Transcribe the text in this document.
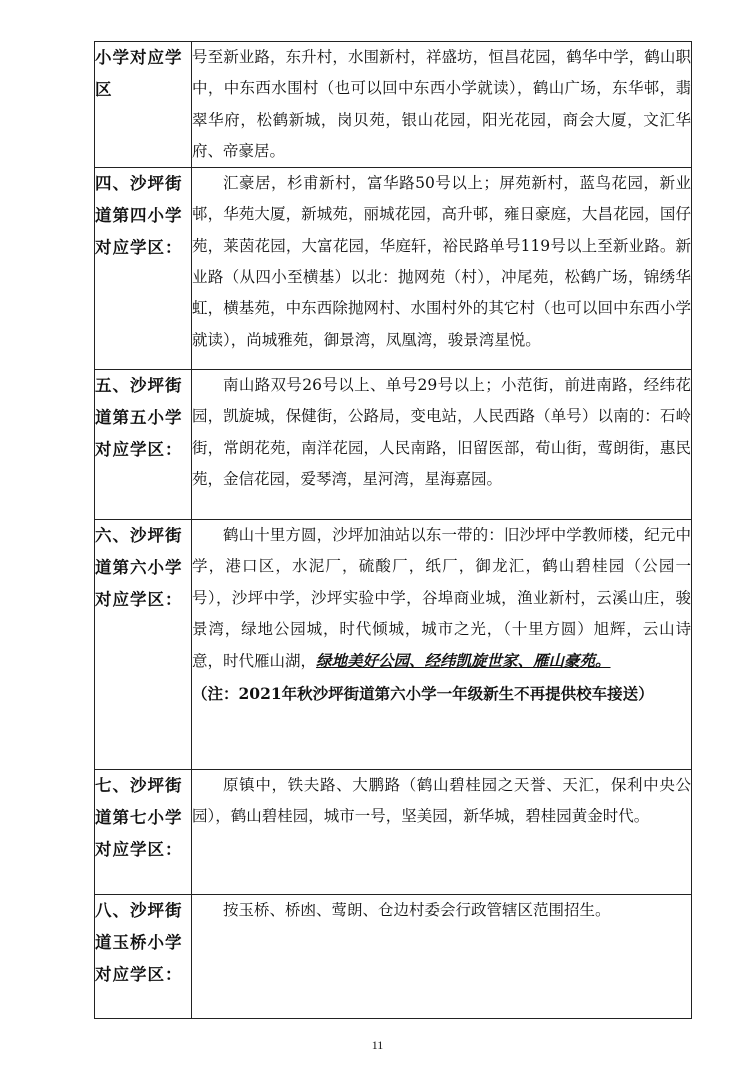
小学对应学区	号至新业路，东升村，水围新村，祥盛坊，恒昌花园，鹤华中学，鹤山职中，中东西水围村（也可以回中东西小学就读），鹤山广场，东华邨，翡翠华府，松鹤新城，岗贝苑，银山花园，阳光花园，商会大厦，文汇华府、帝豪居。

四、沙坪街道第四小学对应学区：	汇豪居，杉甫新村，富华路50号以上；屏苑新村，蓝鸟花园，新业邨，华苑大厦，新城苑，丽城花园，高升邨，雍日豪庭，大昌花园，国仔苑，莱茵花园，大富花园，华庭轩，裕民路单号119号以上至新业路。新业路（从四小至横基）以北：抛网苑（村），冲尾苑，松鹤广场，锦绣华虹，横基苑，中东西除抛网村、水围村外的其它村（也可以回中东西小学就读），尚城雅苑，御景湾，凤凰湾，骏景湾星悦。

五、沙坪街道第五小学对应学区：	南山路双号26号以上、单号29号以上；小范街，前进南路，经纬花园，凯旋城，保健街，公路局，变电站，人民西路（单号）以南的：石岭街，常朗花苑，南洋花园，人民南路，旧留医部，荀山街，莺朗街，惠民苑，金信花园，爱琴湾，星河湾，星海嘉园。

六、沙坪街道第六小学对应学区：	鹤山十里方圆，沙坪加油站以东一带的：旧沙坪中学教师楼，纪元中学，港口区，水泥厂，硫酸厂，纸厂，御龙汇，鹤山碧桂园（公园一号），沙坪中学，沙坪实验中学，谷埠商业城，渔业新村，云溪山庄，骏景湾，绿地公园城，时代倾城，城市之光，（十里方圆）旭辉，云山诗意，时代雁山湖，绿地美好公园、经纬凯旋世家、雁山豪苑。
（注：2021年秋沙坪街道第六小学一年级新生不再提供校车接送）

七、沙坪街道第七小学对应学区：	原镇中，铁夫路、大鹏路（鹤山碧桂园之天誉、天汇，保利中央公园），鹤山碧桂园，城市一号，坚美园，新华城，碧桂园黄金时代。

八、沙坪街道玉桥小学对应学区：	按玉桥、桥凼、莺朗、仓边村委会行政管辖区范围招生。
11
